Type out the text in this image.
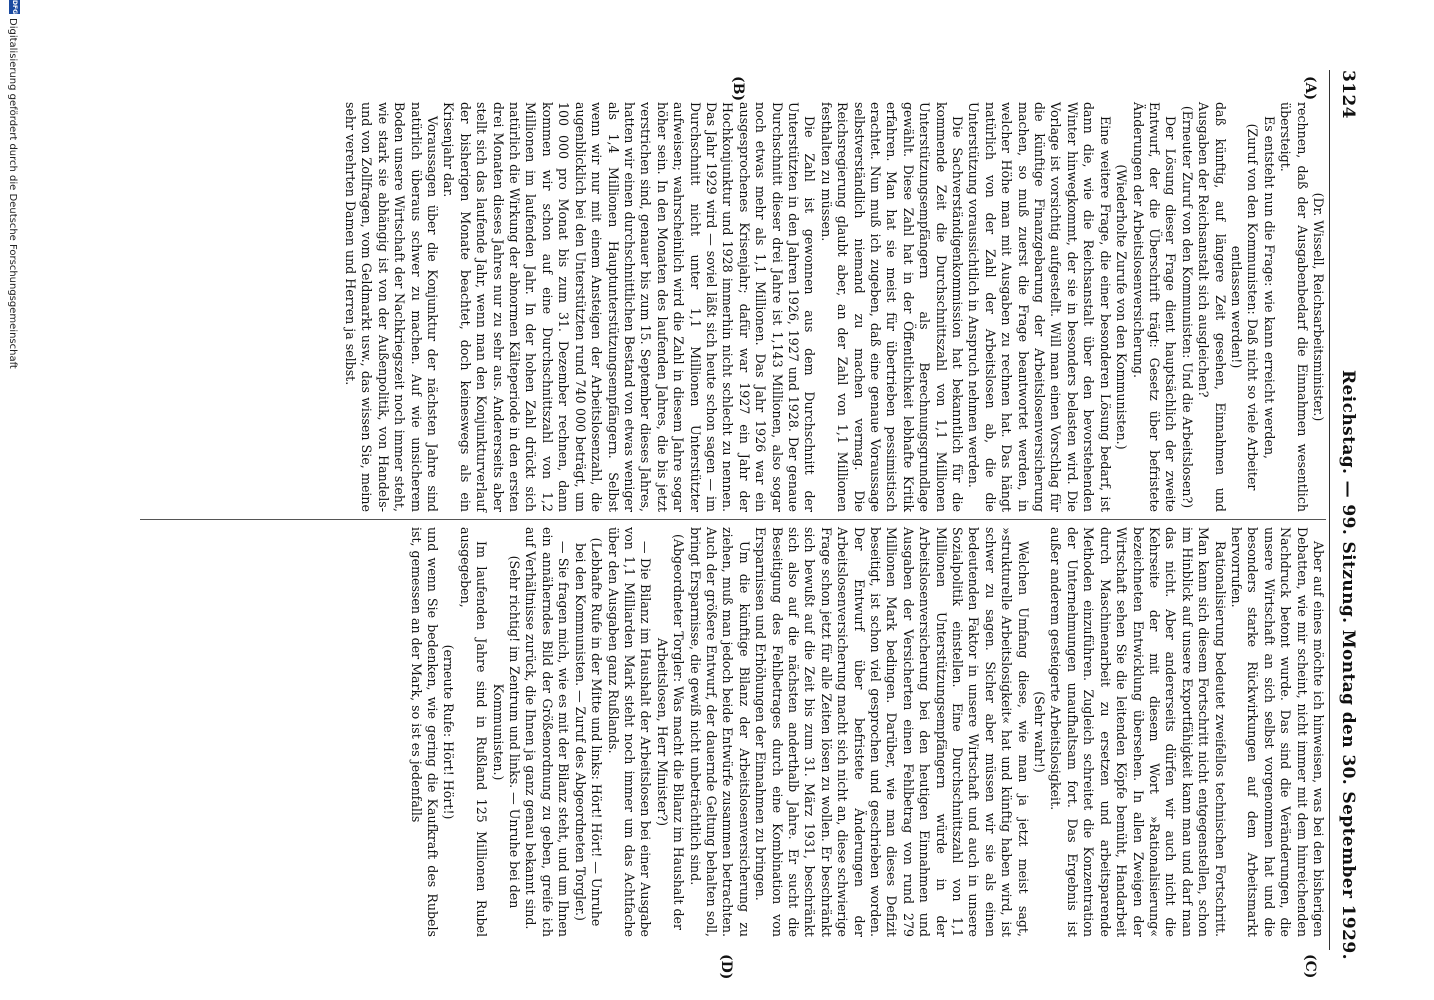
3124
Reichstag. — 99. Sitzung. Montag den 30. September 1929.
(A)
(B)
(C)
(D)

(Dr. Wissell, Reichsarbeitsminister.)

rechnen, daß der Ausgabenbedarf die Einnahmen wesentlich übersteigt.

Es entsteht nun die Frage: wie kann erreicht werden,

(Zuruf von den Kommunisten: Daß nicht so viele Arbeiter entlassen werden!)

daß künftig, auf längere Zeit gesehen, Einnahmen und Ausgaben der Reichsanstalt sich ausgleichen?

(Erneuter Zuruf von den Kommunisten: Und die Arbeitslosen?)

Der Lösung dieser Frage dient hauptsächlich der zweite Entwurf, der die Überschrift trägt: Gesetz über befristete Änderungen der Arbeitslosenversicherung.

(Wiederholte Zurufe von den Kommunisten.)

Eine weitere Frage, die einer besonderen Lösung bedarf, ist dann die, wie die Reichsanstalt über den bevorstehenden Winter hinwegkommt, der sie in besonders belasten wird. Die Vorlage ist vorsichtig aufgestellt. Will man einen Vorschlag für die künftige Finanzgebarung der Arbeitslosenversicherung machen, so muß zuerst die Frage beantwortet werden, in welcher Höhe man mit Ausgaben zu rechnen hat. Das hängt natürlich von der Zahl der Arbeitslosen ab, die die Unterstützung voraussichtlich in Anspruch nehmen werden.

Die Sachverständigenkommission hat bekanntlich für die kommende Zeit die Durchschnittszahl von 1,1 Millionen Unterstützungsempfängern als Berechnungsgrundlage gewählt. Diese Zahl hat in der Öffentlichkeit lebhafte Kritik erfahren. Man hat sie meist für übertrieben pessimistisch erachtet. Nun muß ich zugeben, daß eine genaue Voraussage selbstverständlich niemand zu machen vermag. Die Reichsregierung glaubt aber, an der Zahl von 1,1 Millionen festhalten zu müssen.

Die Zahl ist gewonnen aus dem Durchschnitt der Unterstützten in den Jahren 1926, 1927 und 1928. Der genaue Durchschnitt dieser drei Jahre ist 1,143 Millionen, also sogar noch etwas mehr als 1,1 Millionen. Das Jahr 1926 war ein ausgesprochenes Krisenjahr; dafür war 1927 ein Jahr der Hochkonjunktur und 1928 immerhin nicht schlecht zu nennen. Das Jahr 1929 wird — soviel läßt sich heute schon sagen — im Durchschnitt nicht unter 1,1 Millionen Unterstützter aufweisen; wahrscheinlich wird die Zahl in diesem Jahre sogar höher sein. In den Monaten des laufenden Jahres, die bis jetzt verstrichen sind, genauer bis zum 15. September dieses Jahres, hatten wir einen durchschnittlichen Bestand von etwas weniger als 1,4 Millionen Hauptunterstützungsempfängern. Selbst wenn wir nur mit einem Ansteigen der Arbeitslosenzahl, die augenblicklich bei den Unterstützten rund 740 000 beträgt, um 100 000 pro Monat bis zum 31. Dezember rechnen, dann kommen wir schon auf eine Durchschnittszahl von 1,2 Millionen im laufenden Jahr. In der hohen Zahl drückt sich natürlich die Wirkung der abnormen Kälteperiode in den ersten drei Monaten dieses Jahres nur zu sehr aus. Andererseits aber stellt sich das laufende Jahr, wenn man den Konjunkturverlauf der bisherigen Monate beachtet, doch keineswegs als ein Krisenjahr dar.

Voraussagen über die Konjunktur der nächsten Jahre sind natürlich überaus schwer zu machen. Auf wie unsicherem Boden unsere Wirtschaft der Nachkriegszeit noch immer steht, wie stark sie abhängig ist von der Außenpolitik, von Handels- und von Zollfragen, vom Geldmarkt usw., das wissen Sie, meine sehr verehrten Damen und Herren ja selbst.

Aber auf eines möchte ich hinweisen, was bei den bisherigen Debatten, wie mir scheint, nicht immer mit dem hinreichenden Nachdruck betont wurde. Das sind die Veränderungen, die unsere Wirtschaft an sich selbst vorgenommen hat und die besonders starke Rückwirkungen auf dem Arbeitsmarkt hervorrufen.

Rationalisierung bedeutet zweifellos technischen Fortschritt. Man kann sich diesem Fortschritt nicht entgegenstellen, schon im Hinblick auf unsere Exportfähigkeit kann man und darf man das nicht. Aber andererseits dürfen wir auch nicht die Kehrseite der mit diesem Wort »Rationalisierung« bezeichneten Entwicklung übersehen. In allen Zweigen der Wirtschaft sehen Sie die leitenden Köpfe bemüht, Handarbeit durch Maschinenarbeit zu ersetzen und arbeitsparende Methoden einzuführen. Zugleich schreitet die Konzentration der Unternehmungen unaufhaltsam fort. Das Ergebnis ist außer anderem gesteigerte Arbeitslosigkeit.

(Sehr wahr!)

Welchen Umfang diese, wie man ja jetzt meist sagt, »strukturelle Arbeitslosigkeit« hat und künftig haben wird, ist schwer zu sagen. Sicher aber müssen wir sie als einen bedeutenden Faktor in unsere Wirtschaft und auch in unsere Sozialpolitik einstellen. Eine Durchschnittszahl von 1,1 Millionen Unterstützungsempfängern würde in der Arbeitslosenversicherung bei den heutigen Einnahmen und Ausgaben der Versicherten einen Fehlbetrag von rund 279 Millionen Mark bedingen. Darüber, wie man dieses Defizit beseitigt, ist schon viel gesprochen und geschrieben worden. Der Entwurf über befristete Änderungen der Arbeitslosenversicherung macht sich nicht an, diese schwierige Frage schon jetzt für alle Zeiten lösen zu wollen. Er beschränkt sich bewußt auf die Zeit bis zum 31. März 1931, beschränkt sich also auf die nächsten anderthalb Jahre. Er sucht die Beseitigung des Fehlbetrages durch eine Kombination von Ersparnissen und Erhöhungen der Einnahmen zu bringen.

Um die künftige Bilanz der Arbeitslosenversicherung zu ziehen, muß man jedoch beide Entwürfe zusammen betrachten. Auch der größere Entwurf, der dauernde Geltung behalten soll, bringt Ersparnisse, die gewiß nicht unbeträchtlich sind.

(Abgeordneter Torgler: Was macht die Bilanz im Haushalt der Arbeitslosen, Herr Minister?)

— Die Bilanz im Haushalt der Arbeitslosen bei einer Ausgabe von 1,1 Milliarden Mark steht noch immer um das Achtfache über den Ausgaben ganz Rußlands.

(Lebhafte Rufe in der Mitte und links: Hört! Hört! — Unruhe bei den Kommunisten. — Zuruf des Abgeordneten Torgler.)

— Sie fragen mich, wie es mit der Bilanz steht, und um Ihnen ein annäherndes Bild der Größenordnung zu geben, greife ich auf Verhältnisse zurück, die Ihnen ja ganz genau bekannt sind.

(Sehr richtig! im Zentrum und links. — Unruhe bei den Kommunisten.)

Im laufenden Jahre sind in Rußland 125 Millionen Rubel ausgegeben,

(erneute Rufe: Hört! Hört!)

und wenn Sie bedenken, wie gering die Kaufkraft des Rubels ist, gemessen an der Mark, so ist es jedenfalls

DFG
Digitalisierung gefördert durch die Deutsche Forschungsgemeinschaft
